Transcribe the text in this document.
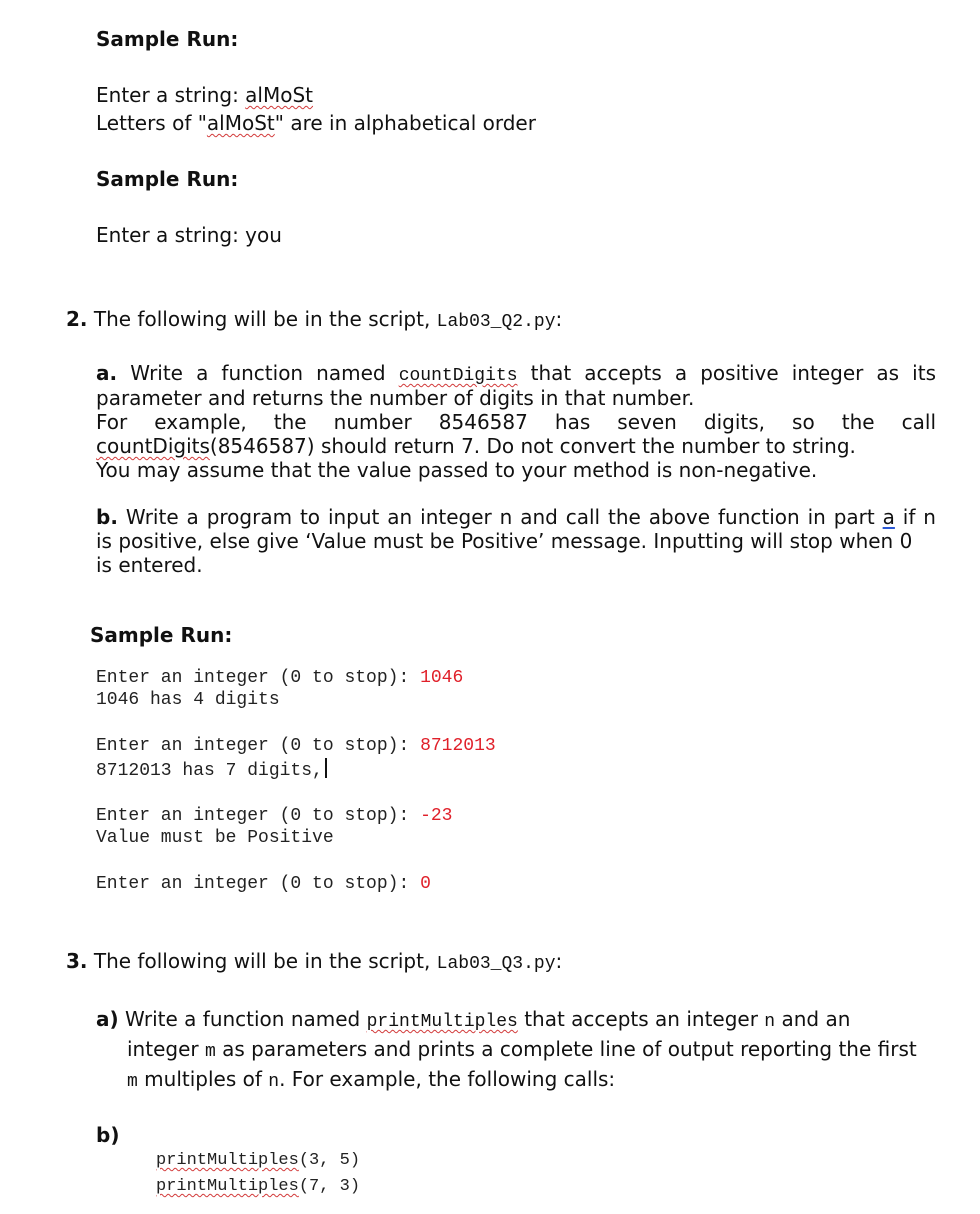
Sample Run:
Enter a string: alMoSt
Letters of "alMoSt" are in alphabetical order
Sample Run:
Enter a string: you
2. The following will be in the script, Lab03_Q2.py:
a. Write a function named countDigits that accepts a positive integer as its
parameter and returns the number of digits in that number.
For example, the number 8546587 has seven digits, so the call
countDigits(8546587) should return 7. Do not convert the number to string.
You may assume that the value passed to your method is non-negative.
b. Write a program to input an integer n and call the above function in part a if n
is positive, else give ‘Value must be Positive’ message. Inputting will stop when 0
is entered.
Sample Run:
Enter an integer (0 to stop): 1046
1046 has 4 digits
Enter an integer (0 to stop): 8712013
8712013 has 7 digits,
Enter an integer (0 to stop): -23
Value must be Positive
Enter an integer (0 to stop): 0
3. The following will be in the script, Lab03_Q3.py:
a) Write a function named printMultiples that accepts an integer n and an
integer m as parameters and prints a complete line of output reporting the first
m multiples of n. For example, the following calls:
b)
printMultiples(3, 5)
printMultiples(7, 3)
